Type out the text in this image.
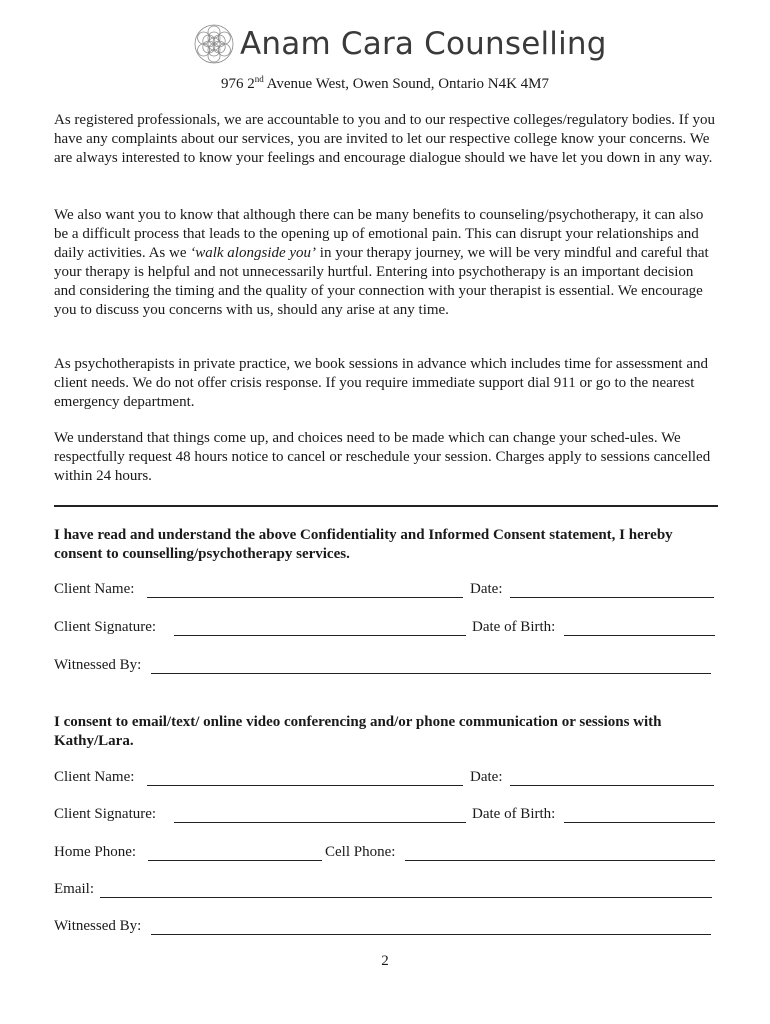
Anam Cara Counselling
976 2nd Avenue West, Owen Sound, Ontario N4K 4M7

As registered professionals, we are accountable to you and to our respective colleges/regulatory bodies. If you have any complaints about our services, you are invited to let our respective college know your concerns. We are always interested to know your feelings and encourage dialogue should we have let you down in any way.

We also want you to know that although there can be many benefits to counseling/psychotherapy, it can also be a difficult process that leads to the opening up of emotional pain. This can disrupt your relationships and daily activities. As we ‘walk alongside you’ in your therapy journey, we will be very mindful and careful that your therapy is helpful and not unnecessarily hurtful. Entering into psychotherapy is an important decision and considering the timing and the quality of your connection with your therapist is essential. We encourage you to discuss you concerns with us, should any arise at any time.

As psychotherapists in private practice, we book sessions in advance which includes time for assessment and client needs. We do not offer crisis response. If you require immediate support dial 911 or go to the nearest emergency department.

We understand that things come up, and choices need to be made which can change your sched-ules. We respectfully request 48 hours notice to cancel or reschedule your session. Charges apply to sessions cancelled within 24 hours.

I have read and understand the above Confidentiality and Informed Consent statement, I hereby consent to counselling/psychotherapy services.

Client Name:	Date:
Client Signature:	Date of Birth:
Witnessed By:

I consent to email/text/ online video conferencing and/or phone communication or sessions with Kathy/Lara.

Client Name:	Date:
Client Signature:	Date of Birth:
Home Phone:	Cell Phone:
Email:
Witnessed By:
2
